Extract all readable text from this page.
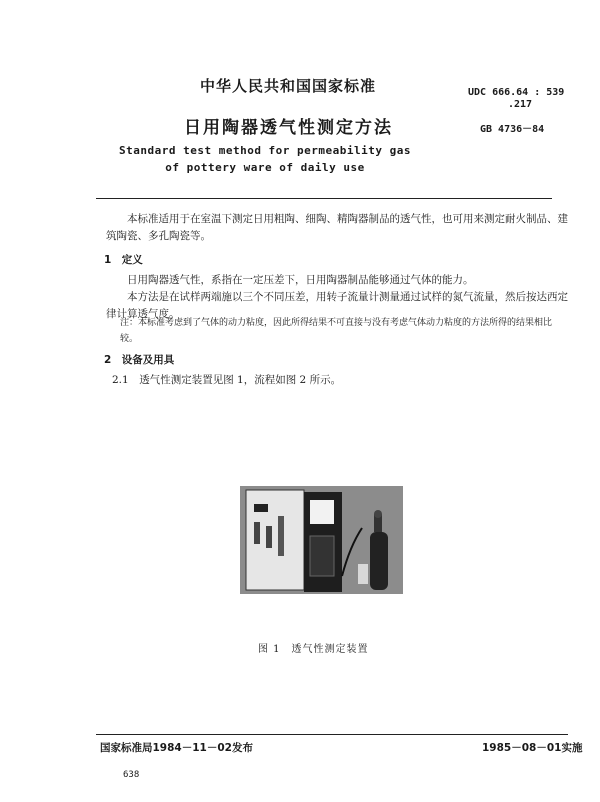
中华人民共和国国家标准	UDC 666.64 : 539
.217
日用陶器透气性测定方法	GB 4736－84
Standard test method for permeability gas
of pottery ware of daily use
本标准适用于在室温下测定日用粗陶、细陶、精陶器制品的透气性，也可用来测定耐火制品、建筑陶瓷、多孔陶瓷等。
1　定义
日用陶器透气性，系指在一定压差下，日用陶器制品能够通过气体的能力。
本方法是在试样两端施以三个不同压差，用转子流量计测量通过试样的氮气流量，然后按达西定律计算透气度。
注：本标准考虑到了气体的动力粘度，因此所得结果不可直接与没有考虑气体动力粘度的方法所得的结果相比较。
2　设备及用具
2.1　透气性测定装置见图 1，流程如图 2 所示。
图 1　透气性测定装置
国家标准局1984－11－02发布	1985－08－01实施
638
